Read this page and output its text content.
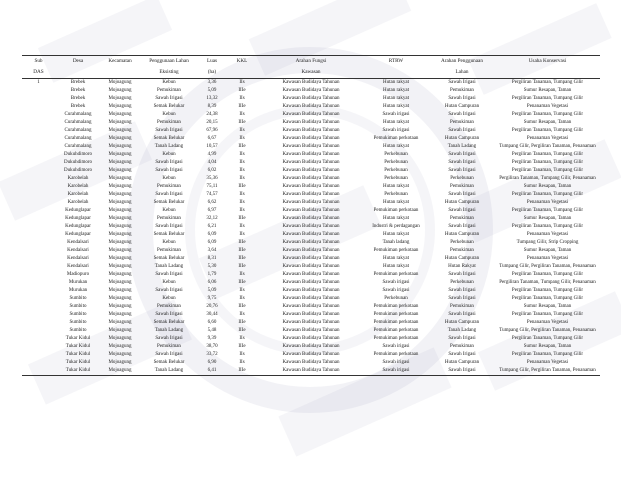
Sub	Desa	Kecamatan	Penggunaan Lahan	Luas	KKL	Arahan Fungsi	RTRW	Arahan Penggunaan	Usaha Konservasi
DAS			Eksisting	(ha)		Kawasan		Lahan	
1	Brebek	Mojoagung	Kebun	3,36	IIs	Kawasan Budidaya Tahunan	Hutan rakyat	Sawah Irigasi	Pergiliran Tanaman, Tumpang Gilir
	Brebek	Mojoagung	Pemukiman	5,09	IIIe	Kawasan Budidaya Tahunan	Hutan rakyat	Pemukiman	Sumur Resapan, Taman
	Brebek	Mojoagung	Sawah Irigasi	13,32	IIs	Kawasan Budidaya Tahunan	Hutan rakyat	Sawah Irigasi	Pergiliran Tanaman, Tumpang Gilir
	Brebek	Mojoagung	Semak Belukar	8,39	IIIe	Kawasan Budidaya Tahunan	Hutan rakyat	Hutan Campuran	Penanaman Vegetasi
	Curahmalang	Mojoagung	Kebun	24,38	IIs	Kawasan Budidaya Tahunan	Sawah irigasi	Sawah Irigasi	Pergiliran Tanaman, Tumpang Gilir
	Curahmalang	Mojoagung	Pemukiman	20,15	IIIe	Kawasan Budidaya Tahunan	Hutan rakyat	Pemukiman	Sumur Resapan, Taman
	Curahmalang	Mojoagung	Sawah Irigasi	67,96	IIs	Kawasan Budidaya Tahunan	Sawah irigasi	Sawah Irigasi	Pergiliran Tanaman, Tumpang Gilir
	Curahmalang	Mojoagung	Semak Belukar	6,67	IIs	Kawasan Budidaya Tahunan	Pemukiman perkotaan	Hutan Campuran	Penanaman Vegetasi
	Curahmalang	Mojoagung	Tanah Ladang	10,57	IIIe	Kawasan Budidaya Tahunan	Hutan rakyat	Tanah Ladang	Tumpang Gilir, Pergiliran Tanaman, Penanaman
	Dukuhdimoro	Mojoagung	Kebun	4,99	IIs	Kawasan Budidaya Tahunan	Perkebunan	Sawah Irigasi	Pergiliran Tanaman, Tumpang Gilir
	Dukuhdimoro	Mojoagung	Sawah Irigasi	4,04	IIs	Kawasan Budidaya Tahunan	Perkebunan	Sawah Irigasi	Pergiliran Tanaman, Tumpang Gilir
	Dukuhdimoro	Mojoagung	Sawah Irigasi	6,02	IIs	Kawasan Budidaya Tahunan	Perkebunan	Sawah Irigasi	Pergiliran Tanaman, Tumpang Gilir
	Karobelah	Mojoagung	Kebun	35,36	IIs	Kawasan Budidaya Tahunan	Perkebunan	Perkebunan	Pergiliran Tanaman, Tumpang Gilir, Penanaman
	Karobelah	Mojoagung	Pemukiman	75,11	IIIe	Kawasan Budidaya Tahunan	Hutan rakyat	Pemukiman	Sumur Resapan, Taman
	Karobelah	Mojoagung	Sawah Irigasi	74,57	IIs	Kawasan Budidaya Tahunan	Perkebunan	Sawah Irigasi	Pergiliran Tanaman, Tumpang Gilir
	Karobelah	Mojoagung	Semak Belukar	6,62	IIs	Kawasan Budidaya Tahunan	Hutan rakyat	Hutan Campuran	Penanaman Vegetasi
	Kedunglapar	Mojoagung	Kebun	6,97	IIs	Kawasan Budidaya Tahunan	Pemukiman perkotaan	Sawah Irigasi	Pergiliran Tanaman, Tumpang Gilir
	Kedunglapar	Mojoagung	Pemukiman	32,12	IIIe	Kawasan Budidaya Tahunan	Hutan rakyat	Pemukiman	Sumur Resapan, Taman
	Kedunglapar	Mojoagung	Sawah Irigasi	6,21	IIs	Kawasan Budidaya Tahunan	Industri & perdagangan	Sawah Irigasi	Pergiliran Tanaman, Tumpang Gilir
	Kedunglapar	Mojoagung	Semak Belukar	6,09	IIs	Kawasan Budidaya Tahunan	Hutan rakyat	Hutan Campuran	Penanaman Vegetasi
	Kendalsari	Mojoagung	Kebun	6,09	IIIe	Kawasan Budidaya Tahunan	Tanah ladang	Perkebunan	Tumpang Gilir, Strip Cropping
	Kendalsari	Mojoagung	Pemukiman	3,64	IIIe	Kawasan Budidaya Tahunan	Pemukiman perkotaan	Pemukiman	Sumur Resapan, Taman
	Kendalsari	Mojoagung	Semak Belukar	8,31	IIIe	Kawasan Budidaya Tahunan	Hutan rakyat	Hutan Campuran	Penanaman Vegetasi
	Kendalsari	Mojoagung	Tanah Ladang	5,30	IIIe	Kawasan Budidaya Tahunan	Hutan rakyat	Hutan Rakyat	Tumpang Gilir, Pergiliran Tanaman, Penanaman
	Madiopuro	Mojoagung	Sawah Irigasi	1,79	IIs	Kawasan Budidaya Tahunan	Pemukiman perkotaan	Sawah Irigasi	Pergiliran Tanaman, Tumpang Gilir
	Murukan	Mojoagung	Kebun	6,06	IIIe	Kawasan Budidaya Tahunan	Sawah irigasi	Perkebunan	Pergiliran Tanaman, Tumpang Gilir, Penanaman
	Murukan	Mojoagung	Sawah Irigasi	5,09	IIs	Kawasan Budidaya Tahunan	Sawah irigasi	Sawah Irigasi	Pergiliran Tanaman, Tumpang Gilir
	Sumbito	Mojoagung	Kebun	9,75	IIs	Kawasan Budidaya Tahunan	Perkebunan	Sawah Irigasi	Pergiliran Tanaman, Tumpang Gilir
	Sumbito	Mojoagung	Pemukiman	20,76	IIIe	Kawasan Budidaya Tahunan	Pemukiman perkotaan	Pemukiman	Sumur Resapan, Taman
	Sumbito	Mojoagung	Sawah Irigasi	30,44	IIs	Kawasan Budidaya Tahunan	Pemukiman perkotaan	Sawah Irigasi	Pergiliran Tanaman, Tumpang Gilir
	Sumbito	Mojoagung	Semak Belukar	6,60	IIIe	Kawasan Budidaya Tahunan	Pemukiman perkotaan	Hutan Campuran	Penanaman Vegetasi
	Sumbito	Mojoagung	Tanah Ladang	5,48	IIIe	Kawasan Budidaya Tahunan	Pemukiman perkotaan	Tanah Ladang	Tumpang Gilir, Pergiliran Tanaman, Penanaman
	Tukar Kidul	Mojoagung	Sawah Irigasi	9,39	IIs	Kawasan Budidaya Tahunan	Pemukiman perkotaan	Sawah Irigasi	Pergiliran Tanaman, Tumpang Gilir
	Tukar Kidul	Mojoagung	Pemukiman	38,70	IIIe	Kawasan Budidaya Tahunan	Sawah irigasi	Pemukiman	Sumur Resapan, Taman
	Tukar Kidul	Mojoagung	Sawah Irigasi	33,72	IIs	Kawasan Budidaya Tahunan	Pemukiman perkotaan	Sawah Irigasi	Pergiliran Tanaman, Tumpang Gilir
	Tukar Kidul	Mojoagung	Semak Belukar	6,90	IIs	Kawasan Budidaya Tahunan	Sawah irigasi	Hutan Campuran	Penanaman Vegetasi
	Tukar Kidul	Mojoagung	Tanah Ladang	6,41	IIIe	Kawasan Budidaya Tahunan	Sawah irigasi	Sawah Irigasi	Tumpang Gilir, Pergiliran Tanaman, Penanaman
